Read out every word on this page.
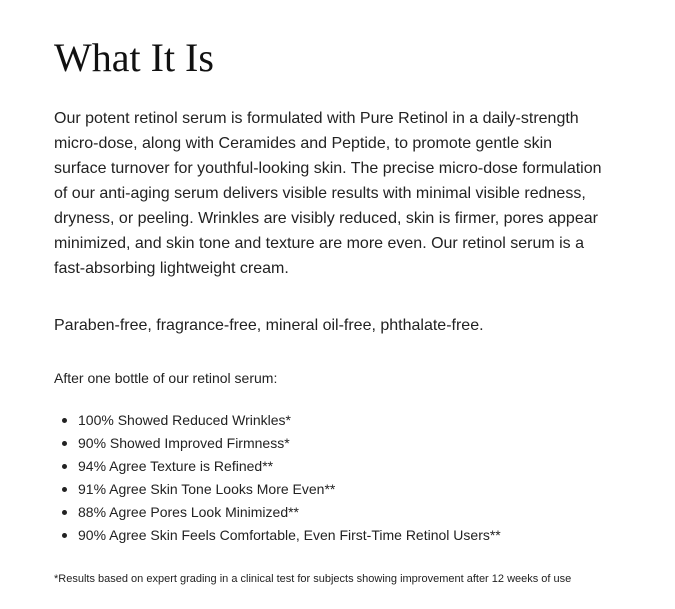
What It Is

Our potent retinol serum is formulated with Pure Retinol in a daily-strength micro-dose, along with Ceramides and Peptide, to promote gentle skin surface turnover for youthful-looking skin. The precise micro-dose formulation of our anti-aging serum delivers visible results with minimal visible redness, dryness, or peeling. Wrinkles are visibly reduced, skin is firmer, pores appear minimized, and skin tone and texture are more even. Our retinol serum is a fast-absorbing lightweight cream.

Paraben-free, fragrance-free, mineral oil-free, phthalate-free.

After one bottle of our retinol serum:

100% Showed Reduced Wrinkles*
90% Showed Improved Firmness*
94% Agree Texture is Refined**
91% Agree Skin Tone Looks More Even**
88% Agree Pores Look Minimized**
90% Agree Skin Feels Comfortable, Even First-Time Retinol Users**

*Results based on expert grading in a clinical test for subjects showing improvement after 12 weeks of use
